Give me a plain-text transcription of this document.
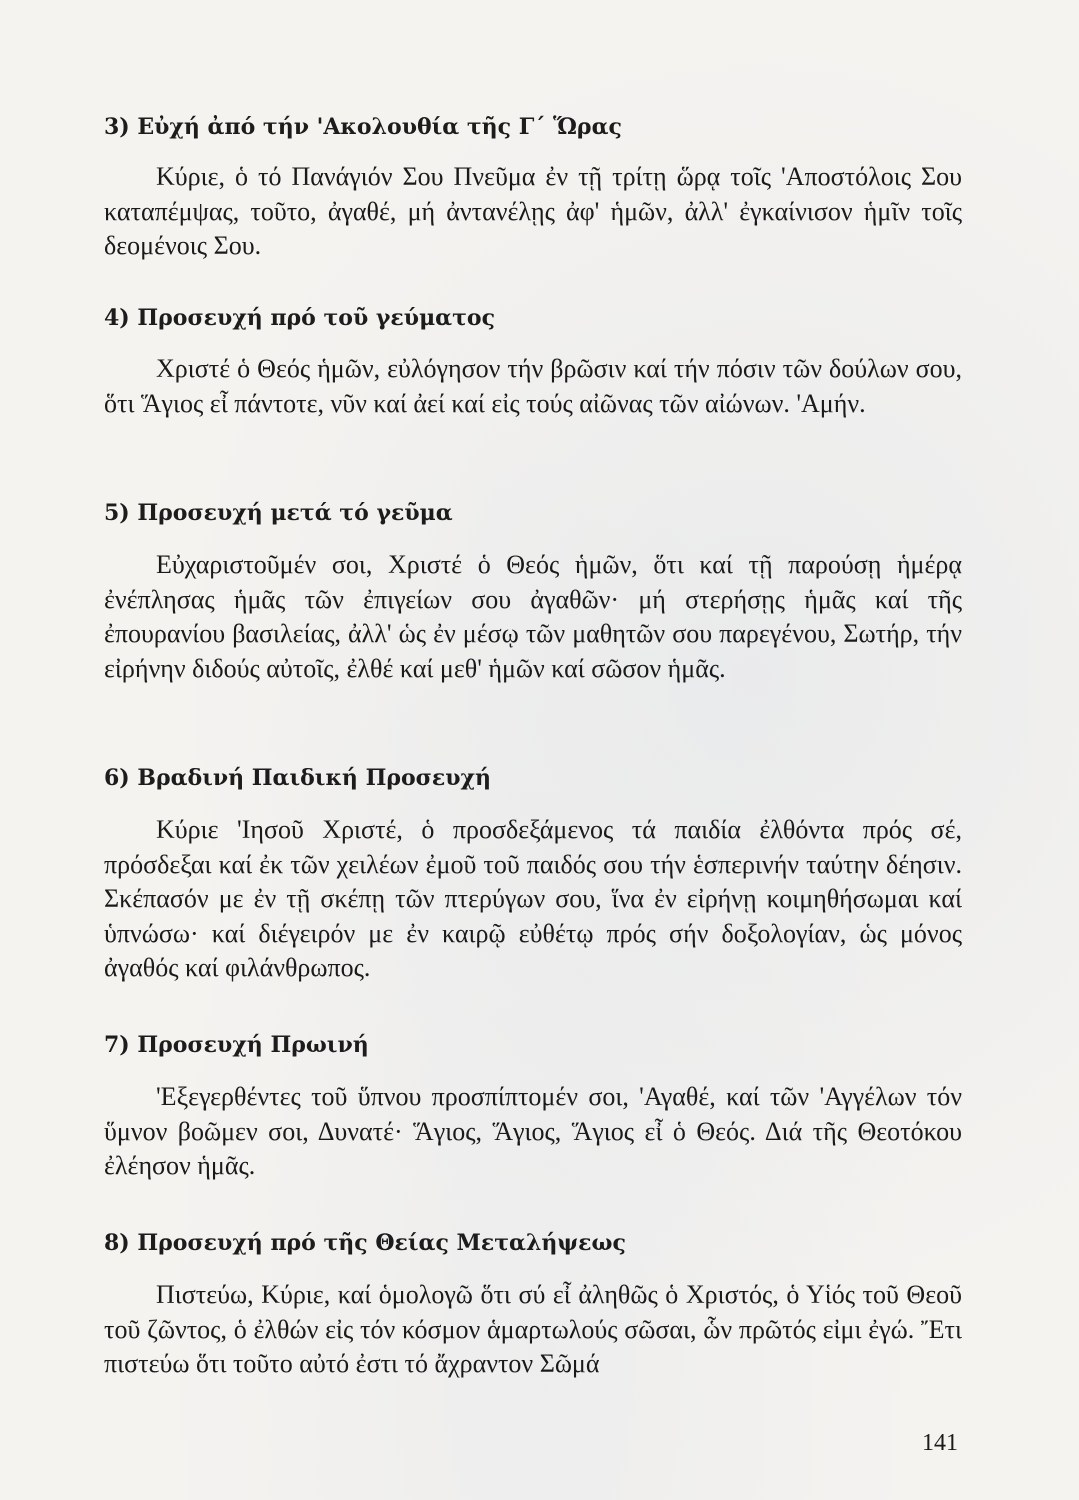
3) Εὐχή ἀπό τήν 'Ακολουθία τῆς Γ΄ Ὥρας

Κύριε, ὁ τό Πανάγιόν Σου Πνεῦμα ἐν τῇ τρίτῃ ὥρᾳ τοῖς 'Αποστόλοις Σου καταπέμψας, τοῦτο, ἀγαθέ, μή ἀντανέλῃς ἀφ' ἡμῶν, ἀλλ' ἐγκαίνισον ἡμῖν τοῖς δεομένοις Σου.

4) Προσευχή πρό τοῦ γεύματος

Χριστέ ὁ Θεός ἡμῶν, εὐλόγησον τήν βρῶσιν καί τήν πόσιν τῶν δούλων σου, ὅτι Ἅγιος εἶ πάντοτε, νῦν καί ἀεί καί εἰς τούς αἰῶνας τῶν αἰώνων. 'Αμήν.

5) Προσευχή μετά τό γεῦμα

Εὐχαριστοῦμέν σοι, Χριστέ ὁ Θεός ἡμῶν, ὅτι καί τῇ παρούσῃ ἡμέρᾳ ἐνέπλησας ἡμᾶς τῶν ἐπιγείων σου ἀγαθῶν· μή στερήσῃς ἡμᾶς καί τῆς ἐπουρανίου βασιλείας, ἀλλ' ὡς ἐν μέσῳ τῶν μαθητῶν σου παρεγένου, Σωτήρ, τήν εἰρήνην διδούς αὐτοῖς, ἐλθέ καί μεθ' ἡμῶν καί σῶσον ἡμᾶς.

6) Βραδινή Παιδική Προσευχή

Κύριε 'Ιησοῦ Χριστέ, ὁ προσδεξάμενος τά παιδία ἐλθόντα πρός σέ, πρόσδεξαι καί ἐκ τῶν χειλέων ἐμοῦ τοῦ παιδός σου τήν ἑσπερινήν ταύτην δέησιν. Σκέπασόν με ἐν τῇ σκέπῃ τῶν πτερύγων σου, ἵνα ἐν εἰρήνῃ κοιμηθήσωμαι καί ὑπνώσω· καί διέγειρόν με ἐν καιρῷ εὐθέτῳ πρός σήν δοξολογίαν, ὡς μόνος ἀγαθός καί φιλάνθρωπος.

7) Προσευχή Πρωινή

'Εξεγερθέντες τοῦ ὕπνου προσπίπτομέν σοι, 'Αγαθέ, καί τῶν 'Αγγέλων τόν ὕμνον βοῶμεν σοι, Δυνατέ· Ἅγιος, Ἅγιος, Ἅγιος εἶ ὁ Θεός. Διά τῆς Θεοτόκου ἐλέησον ἡμᾶς.

8) Προσευχή πρό τῆς Θείας Μεταλήψεως

Πιστεύω, Κύριε, καί ὁμολογῶ ὅτι σύ εἶ ἀληθῶς ὁ Χριστός, ὁ Υἱός τοῦ Θεοῦ τοῦ ζῶντος, ὁ ἐλθών εἰς τόν κόσμον ἁμαρτωλούς σῶσαι, ὧν πρῶτός εἰμι ἐγώ. Ἔτι πιστεύω ὅτι τοῦτο αὐτό ἐστι τό ἄχραντον Σῶμά

141
